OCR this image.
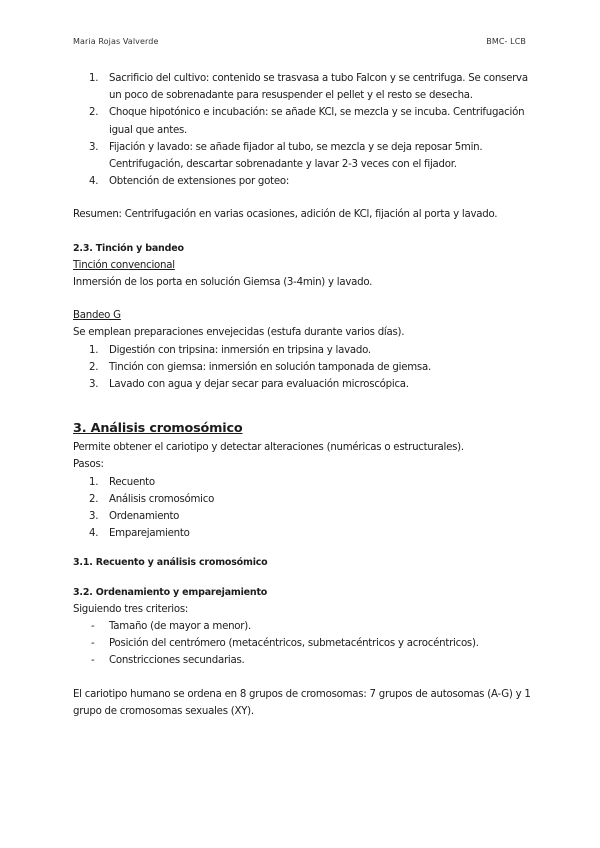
Maria Rojas Valverde	BMC- LCB
1. Sacrificio del cultivo: contenido se trasvasa a tubo Falcon y se centrifuga. Se conserva un poco de sobrenadante para resuspender el pellet y el resto se desecha.
2. Choque hipotónico e incubación: se añade KCl, se mezcla y se incuba. Centrifugación igual que antes.
3. Fijación y lavado: se añade fijador al tubo, se mezcla y se deja reposar 5min. Centrifugación, descartar sobrenadante y lavar 2-3 veces con el fijador.
4. Obtención de extensiones por goteo:

Resumen: Centrifugación en varias ocasiones, adición de KCl, fijación al porta y lavado.

2.3. Tinción y bandeo

Tinción convencional

Inmersión de los porta en solución Giemsa (3-4min) y lavado.

Bandeo G

Se emplean preparaciones envejecidas (estufa durante varios días).

1. Digestión con tripsina: inmersión en tripsina y lavado.
2. Tinción con giemsa: inmersión en solución tamponada de giemsa.
3. Lavado con agua y dejar secar para evaluación microscópica.

3. Análisis cromosómico

Permite obtener el cariotipo y detectar alteraciones (numéricas o estructurales).

Pasos:

1. Recuento
2. Análisis cromosómico
3. Ordenamiento
4. Emparejamiento

3.1. Recuento y análisis cromosómico

3.2. Ordenamiento y emparejamiento

Siguiendo tres criterios:

- Tamaño (de mayor a menor).
- Posición del centrómero (metacéntricos, submetacéntricos y acrocéntricos).
- Constricciones secundarias.

El cariotipo humano se ordena en 8 grupos de cromosomas: 7 grupos de autosomas (A-G) y 1 grupo de cromosomas sexuales (XY).
